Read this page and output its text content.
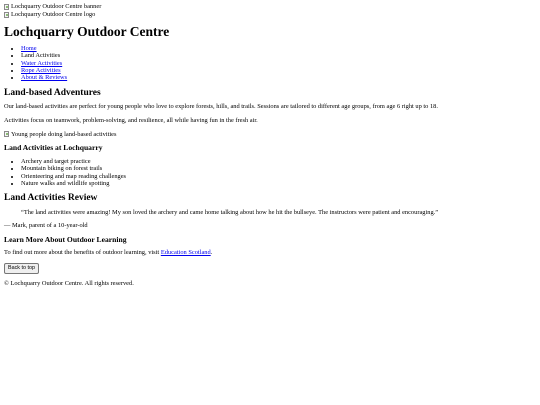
Lochquarry Outdoor Centre banner
Lochquarry Outdoor Centre logo
Lochquarry Outdoor Centre
• Home
• Land Activities
• Water Activities
• Rope Activities
• About & Reviews
Land-based Adventures

Our land-based activities are perfect for young people who love to explore forests, hills, and trails. Sessions are tailored to different age groups, from age 6 right up to 18.

Activities focus on teamwork, problem-solving, and resilience, all while having fun in the fresh air.

Young people doing land-based activities
Land Activities at Lochquarry
• Archery and target practice
• Mountain biking on forest trails
• Orienteering and map reading challenges
• Nature walks and wildlife spotting
Land Activities Review
“The land activities were amazing! My son loved the archery and came home talking about how he hit the bullseye. The instructors were patient and encouraging.”

— Mark, parent of a 10-year-old

Learn More About Outdoor Learning

To find out more about the benefits of outdoor learning, visit Education Scotland.

Back to top

© Lochquarry Outdoor Centre. All rights reserved.
